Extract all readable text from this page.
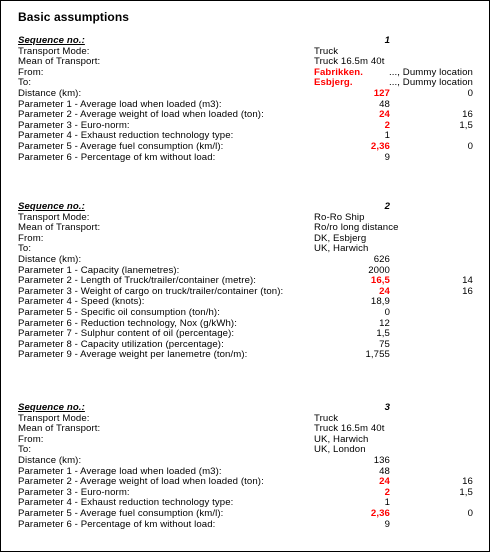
Basic assumptions
Sequence no.:	1
Transport Mode:	Truck
Mean of Transport:	Truck 16.5m 40t
From:	Fabrikken.	..., Dummy location
To:	Esbjerg.	..., Dummy location
Distance (km):	127	0
Parameter 1 - Average load when loaded (m3):	48
Parameter 2 - Average weight of load when loaded (ton):	24	16
Parameter 3 - Euro-norm:	2	1,5
Parameter 4 - Exhaust reduction technology type:	1
Parameter 5 - Average fuel consumption (km/l):	2,36	0
Parameter 6 - Percentage of km without load:	9
Sequence no.:	2
Transport Mode:	Ro-Ro Ship
Mean of Transport:	Ro/ro long distance
From:	DK, Esbjerg
To:	UK, Harwich
Distance (km):	626
Parameter 1 - Capacity (lanemetres):	2000
Parameter 2 - Length of Truck/trailer/container (metre):	16,5	14
Parameter 3 - Weight of cargo on truck/trailer/container (ton):	24	16
Parameter 4 - Speed (knots):	18,9
Parameter 5 - Specific oil consumption (ton/h):	0
Parameter 6 - Reduction technology, Nox (g/kWh):	12
Parameter 7 - Sulphur content of oil (percentage):	1,5
Parameter 8 - Capacity utilization (percentage):	75
Parameter 9 - Average weight per lanemetre (ton/m):	1,755
Sequence no.:	3
Transport Mode:	Truck
Mean of Transport:	Truck 16.5m 40t
From:	UK, Harwich
To:	UK, London
Distance (km):	136
Parameter 1 - Average load when loaded (m3):	48
Parameter 2 - Average weight of load when loaded (ton):	24	16
Parameter 3 - Euro-norm:	2	1,5
Parameter 4 - Exhaust reduction technology type:	1
Parameter 5 - Average fuel consumption (km/l):	2,36	0
Parameter 6 - Percentage of km without load:	9
